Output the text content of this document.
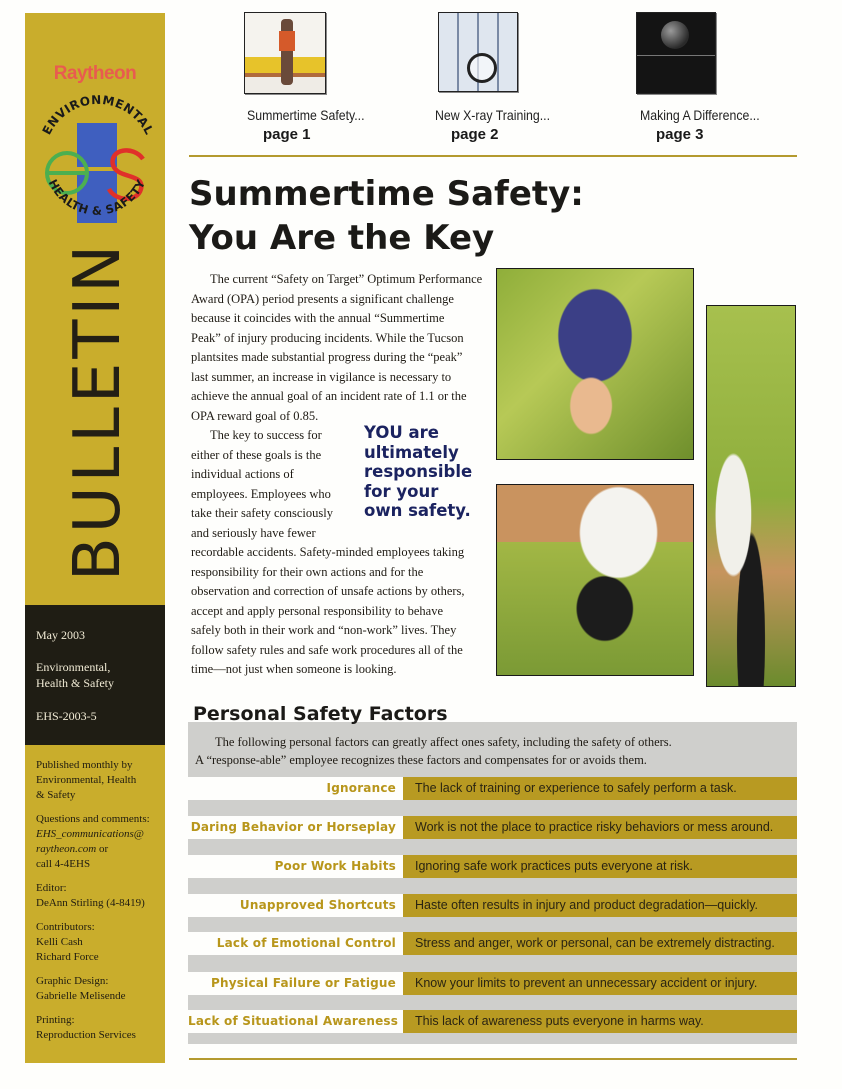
Raytheon
ENVIRONMENTAL
HEALTH & SAFETY
BULLETIN
May 2003
Environmental,
Health & Safety
EHS-2003-5

Published monthly by
Environmental, Health
& Safety

Questions and comments:
EHS_communications@
raytheon.com or
call 4-4EHS

Editor:
DeAnn Stirling (4-8419)

Contributors:
Kelli Cash
Richard Force

Graphic Design:
Gabrielle Melisende

Printing:
Reproduction Services

Summertime Safety...
page 1
New X-ray Training...
page 2
Making A Difference...
page 3
Summertime Safety:
You Are the Key
The current “Safety on Target” Optimum Performance
Award (OPA) period presents a significant challenge
because it coincides with the annual “Summertime
Peak” of injury producing incidents. While the Tucson
plantsites made substantial progress during the “peak”
last summer, an increase in vigilance is necessary to
achieve the annual goal of an incident rate of 1.1 or the
OPA reward goal of 0.85.
The key to success for
either of these goals is the
individual actions of
employees. Employees who
take their safety consciously
and seriously have fewer
recordable accidents. Safety-minded employees taking
responsibility for their own actions and for the
observation and correction of unsafe actions by others,
accept and apply personal responsibility to behave
safely both in their work and “non-work” lives. They
follow safety rules and safe work procedures all of the
time—not just when someone is looking.
YOU are
ultimately
responsible
for your
own safety.
Personal Safety Factors
The following personal factors can greatly affect ones safety, including the safety of others.
A “response-able” employee recognizes these factors and compensates for or avoids them.
Ignorance	The lack of training or experience to safely perform a task.
Daring Behavior or Horseplay	Work is not the place to practice risky behaviors or mess around.
Poor Work Habits	Ignoring safe work practices puts everyone at risk.
Unapproved Shortcuts	Haste often results in injury and product degradation—quickly.
Lack of Emotional Control	Stress and anger, work or personal, can be extremely distracting.
Physical Failure or Fatigue	Know your limits to prevent an unnecessary accident or injury.
Lack of Situational Awareness	This lack of awareness puts everyone in harms way.
